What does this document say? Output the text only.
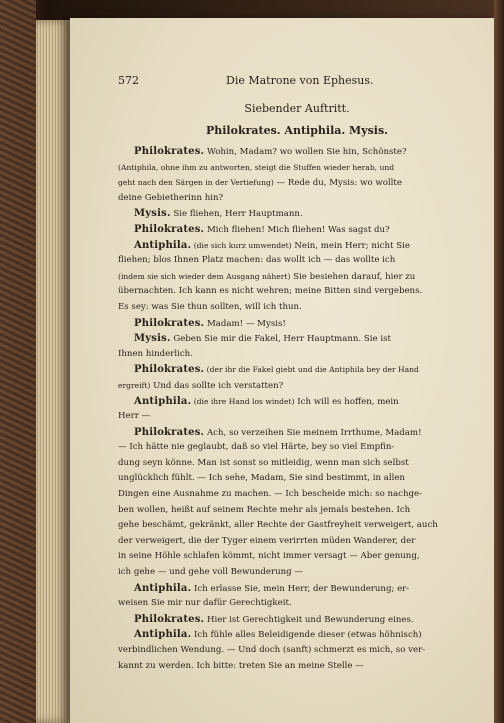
572	Die Matrone von Ephesus.
Siebender Auftritt.
Philokrates. Antiphila. Mysis.
Philokrates. Wohin, Madam? wo wollen Sie hin, Schönste?
(Antiphila, ohne ihm zu antworten, steigt die Stuffen wieder herab, und
geht nach den Särgen in der Vertiefung) — Rede du, Mysis: wo wollte
deine Gebietherinn hin?
Mysis. Sie fliehen, Herr Hauptmann.
Philokrates. Mich fliehen! Mich fliehen! Was sagst du?
Antiphila. (die sich kurz umwendet) Nein, mein Herr; nicht Sie
fliehen; blos Ihnen Platz machen: das wollt ich — das wollte ich
(indem sie sich wieder dem Ausgang nähert) Sie besiehen darauf, hier zu
übernachten. Ich kann es nicht wehren; meine Bitten sind vergebens.
Es sey: was Sie thun sollten, will ich thun.
Philokrates. Madam! — Mysis!
Mysis. Geben Sie mir die Fakel, Herr Hauptmann. Sie ist
Ihnen hinderlich.
Philokrates. (der ihr die Fakel giebt und die Antiphila bey der Hand
ergreift) Und das sollte ich verstatten?
Antiphila. (die ihre Hand los windet) Ich will es hoffen, mein
Herr —
Philokrates. Ach, so verzeihen Sie meinem Irrthume, Madam!
— Ich hätte nie geglaubt, daß so viel Härte, bey so viel Empfin-
dung seyn könne. Man ist sonst so mitleidig, wenn man sich selbst
unglücklich fühlt. — Ich sehe, Madam, Sie sind bestimmt, in allen
Dingen eine Ausnahme zu machen. — Ich bescheide mich: so nachge-
ben wollen, heißt auf seinem Rechte mehr als jemals bestehen. Ich
gehe beschämt, gekränkt, aller Rechte der Gastfreyheit verweigert, auch
der verweigert, die der Tyger einem verirrten müden Wanderer, der
in seine Höhle schlafen kömmt, nicht immer versagt — Aber genung,
ich gehe — und gehe voll Bewunderung —
Antiphila. Ich erlasse Sie, mein Herr, der Bewunderung; er-
weisen Sie mir nur dafür Gerechtigkeit.
Philokrates. Hier ist Gerechtigkeit und Bewunderung eines.
Antiphila. Ich fühle alles Beleidigende dieser (etwas höhnisch)
verbindlichen Wendung. — Und doch (sanft) schmerzt es mich, so ver-
kannt zu werden. Ich bitte: treten Sie an meine Stelle —
